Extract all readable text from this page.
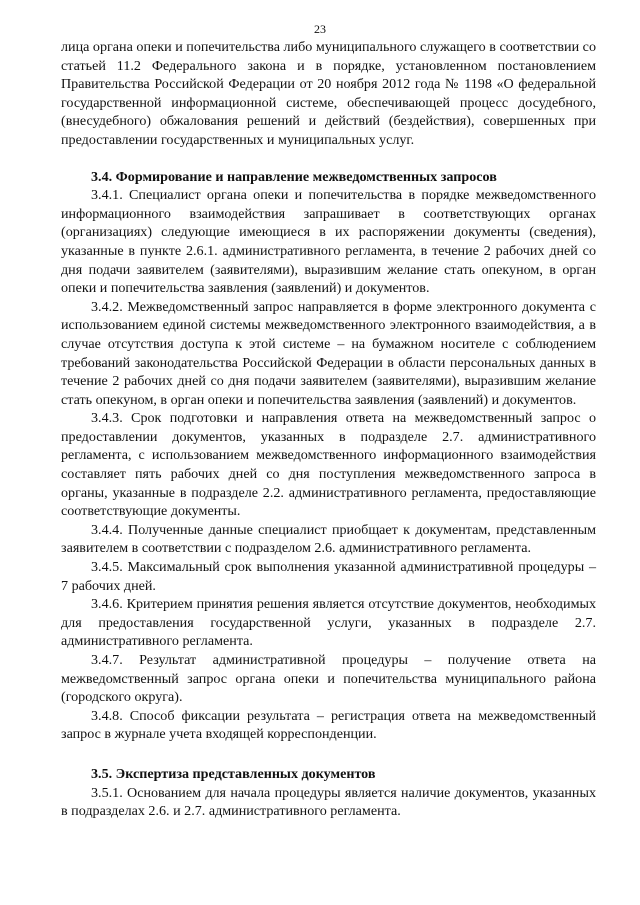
23

лица органа опеки и попечительства либо муниципального служащего в соответствии со статьей 11.2 Федерального закона и в порядке, установленном постановлением Правительства Российской Федерации от 20 ноября 2012 года № 1198 «О федеральной государственной информационной системе, обеспечивающей процесс досудебного, (внесудебного) обжалования решений и действий (бездействия), совершенных при предоставлении государственных и муниципальных услуг.

3.4. Формирование и направление межведомственных запросов

3.4.1. Специалист органа опеки и попечительства в порядке межведомственного информационного взаимодействия запрашивает в соответствующих органах (организациях) следующие имеющиеся в их распоряжении документы (сведения), указанные в пункте 2.6.1. административного регламента, в течение 2 рабочих дней со дня подачи заявителем (заявителями), выразившим желание стать опекуном, в орган опеки и попечительства заявления (заявлений) и документов.

3.4.2. Межведомственный запрос направляется в форме электронного документа с использованием единой системы межведомственного электронного взаимодействия, а в случае отсутствия доступа к этой системе – на бумажном носителе с соблюдением требований законодательства Российской Федерации в области персональных данных в течение 2 рабочих дней со дня подачи заявителем (заявителями), выразившим желание стать опекуном, в орган опеки и попечительства заявления (заявлений) и документов.

3.4.3. Срок подготовки и направления ответа на межведомственный запрос о предоставлении документов, указанных в подразделе 2.7. административного регламента, с использованием межведомственного информационного взаимодействия составляет пять рабочих дней со дня поступления межведомственного запроса в органы, указанные в подразделе 2.2. административного регламента, предоставляющие соответствующие документы.

3.4.4. Полученные данные специалист приобщает к документам, представленным заявителем в соответствии с подразделом 2.6. административного регламента.

3.4.5. Максимальный срок выполнения указанной административной процедуры – 7 рабочих дней.

3.4.6. Критерием принятия решения является отсутствие документов, необходимых для предоставления государственной услуги, указанных в подразделе 2.7. административного регламента.

3.4.7. Результат административной процедуры – получение ответа на межведомственный запрос органа опеки и попечительства муниципального района (городского округа).

3.4.8. Способ фиксации результата – регистрация ответа на межведомственный запрос в журнале учета входящей корреспонденции.

3.5. Экспертиза представленных документов

3.5.1. Основанием для начала процедуры является наличие документов, указанных в подразделах 2.6. и 2.7. административного регламента.
